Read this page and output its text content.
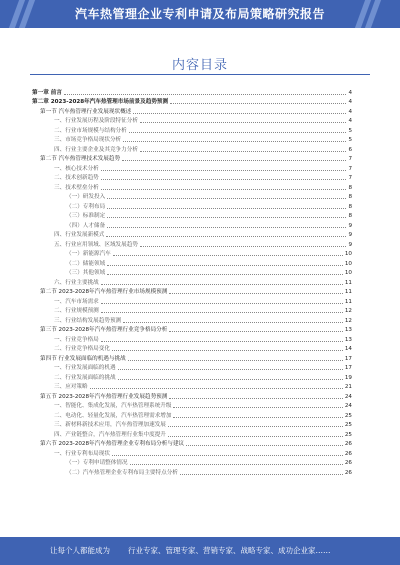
汽车热管理企业专利申请及布局策略研究报告
内容目录
第一章 前言	4
第二章 2023-2028年汽车热管理市场前景及趋势预测	4
第一节 汽车热管理行业发展现状概述	4
一、行业发展历程及阶段特征分析	4
二、行业市场规模与结构分析	5
三、市场竞争格局现状分析	5
四、行业主要企业及其竞争力分析	6
第二节 汽车热管理技术发展趋势	7
一、核心技术分析	7
二、技术创新趋势	7
三、技术壁垒分析	8
（一）研发投入	8
（二）专利布局	8
（三）标准制定	8
（四）人才储备	9
四、行业发展新模式	9
五、行业应用领域、区域发展趋势	9
（一）新能源汽车	10
（二）储能领域	10
（三）其他领域	10
六、行业主要挑战	11
第二节 2023-2028年汽车热管理行业市场规模预测	11
一、汽车市场需求	11
二、行业规模预测	12
三、行业结构发展趋势预测	12
第三节 2023-2028年汽车热管理行业竞争格局分析	13
一、行业竞争格局	13
二、行业竞争格局变化	14
第四节 行业发展面临的机遇与挑战	17
一、行业发展面临的机遇	17
二、行业发展面临的挑战	19
三、应对策略	21
第五节 2023-2028年汽车热管理行业发展趋势预测	24
一、智能化、集成化发展，汽车热管理系统升级	24
二、电动化、轻量化发展，汽车热管理需求增加	25
三、新材料新技术应用，汽车热管理加速发展	25
四、产业链整合，汽车热管理行业集中度提升	25
第六节 2023-2028年汽车热管理企业专利布局分析与建议	26
一、行业专利布局现状	26
（一）专利申请整体情况	26
（二）汽车热管理企业专利布局主要特点分析	26
让每个人都能成为 行业专家、管理专家、营销专家、战略专家、成功企业家……
